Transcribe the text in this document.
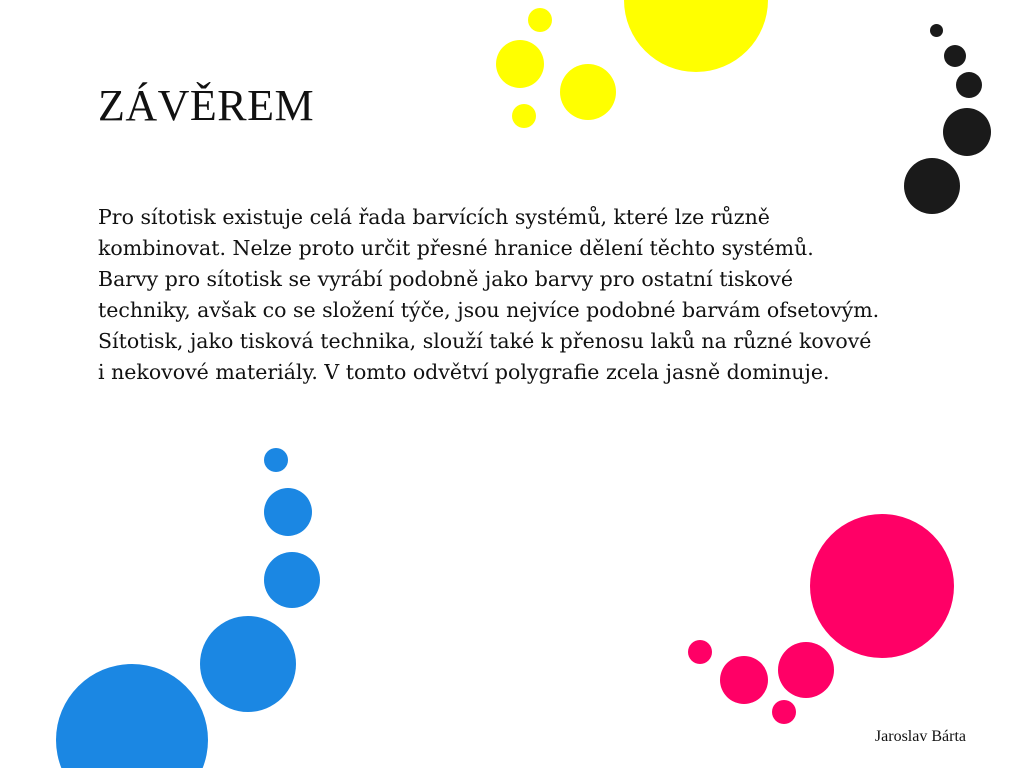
ZÁVĚREM

Pro sítotisk existuje celá řada barvících systémů, které lze různě
kombinovat. Nelze proto určit přesné hranice dělení těchto systémů.
Barvy pro sítotisk se vyrábí podobně jako barvy pro ostatní tiskové
techniky, avšak co se složení týče, jsou nejvíce podobné barvám ofsetovým.
Sítotisk, jako tisková technika, slouží také k přenosu laků na různé kovové
i nekovové materiály. V tomto odvětví polygrafie zcela jasně dominuje.

Jaroslav Bárta
